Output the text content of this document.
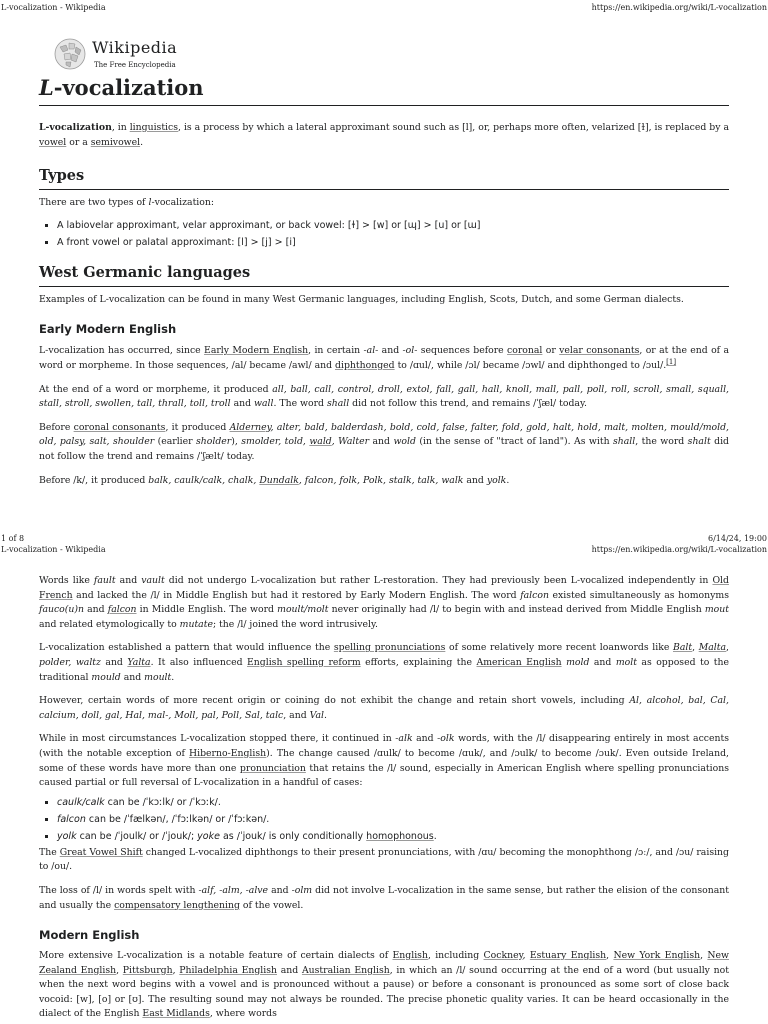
L-vocalization - Wikipedia	https://en.wikipedia.org/wiki/L-vocalization
Wikipedia
The Free Encyclopedia
L-vocalization

L-vocalization, in linguistics, is a process by which a lateral approximant sound such as [l], or, perhaps more often, velarized [ɫ], is replaced by a vowel or a semivowel.

Types

There are two types of l-vocalization:

▪ A labiovelar approximant, velar approximant, or back vowel: [ɫ] > [w] or [ɰ] > [u] or [ɯ]
▪ A front vowel or palatal approximant: [l] > [j] > [i]
West Germanic languages

Examples of L-vocalization can be found in many West Germanic languages, including English, Scots, Dutch, and some German dialects.

Early Modern English

L-vocalization has occurred, since Early Modern English, in certain -al- and -ol- sequences before coronal or velar consonants, or at the end of a word or morpheme. In those sequences, /al/ became /awl/ and diphthonged to /ɑul/, while /ɔl/ became /ɔwl/ and diphthonged to /ɔul/.[1]

At the end of a word or morpheme, it produced all, ball, call, control, droll, extol, fall, gall, hall, knoll, mall, pall, poll, roll, scroll, small, squall, stall, stroll, swollen, tall, thrall, toll, troll and wall. The word shall did not follow this trend, and remains /ˈʃæl/ today.

Before coronal consonants, it produced Alderney, alter, bald, balderdash, bold, cold, false, falter, fold, gold, halt, hold, malt, molten, mould/mold, old, palsy, salt, shoulder (earlier sholder), smolder, told, wald, Walter and wold (in the sense of "tract of land"). As with shall, the word shalt did not follow the trend and remains /ˈʃælt/ today.

Before /k/, it produced balk, caulk/calk, chalk, Dundalk, falcon, folk, Polk, stalk, talk, walk and yolk.

1 of 8	6/14/24, 19:00
L-vocalization - Wikipedia	https://en.wikipedia.org/wiki/L-vocalization

Words like fault and vault did not undergo L-vocalization but rather L-restoration. They had previously been L-vocalized independently in Old French and lacked the /l/ in Middle English but had it restored by Early Modern English. The word falcon existed simultaneously as homonyms fauco(u)n and falcon in Middle English. The word moult/molt never originally had /l/ to begin with and instead derived from Middle English mout and related etymologically to mutate; the /l/ joined the word intrusively.

L-vocalization established a pattern that would influence the spelling pronunciations of some relatively more recent loanwords like Balt, Malta, polder, waltz and Yalta. It also influenced English spelling reform efforts, explaining the American English mold and molt as opposed to the traditional mould and moult.

However, certain words of more recent origin or coining do not exhibit the change and retain short vowels, including Al, alcohol, bal, Cal, calcium, doll, gal, Hal, mal-, Moll, pal, Poll, Sal, talc, and Val.

While in most circumstances L-vocalization stopped there, it continued in -alk and -olk words, with the /l/ disappearing entirely in most accents (with the notable exception of Hiberno-English). The change caused /ɑulk/ to become /ɑuk/, and /ɔulk/ to become /ɔuk/. Even outside Ireland, some of these words have more than one pronunciation that retains the /l/ sound, especially in American English where spelling pronunciations caused partial or full reversal of L-vocalization in a handful of cases:

▪ caulk/calk can be /ˈkɔːlk/ or /ˈkɔːk/.
▪ falcon can be /ˈfælkən/, /ˈfɔːlkən/ or /ˈfɔːkən/.
▪ yolk can be /ˈjoulk/ or /ˈjouk/; yoke as /ˈjouk/ is only conditionally homophonous.

The Great Vowel Shift changed L-vocalized diphthongs to their present pronunciations, with /ɑu/ becoming the monophthong /ɔː/, and /ɔu/ raising to /ou/.

The loss of /l/ in words spelt with -alf, -alm, -alve and -olm did not involve L-vocalization in the same sense, but rather the elision of the consonant and usually the compensatory lengthening of the vowel.

Modern English

More extensive L-vocalization is a notable feature of certain dialects of English, including Cockney, Estuary English, New York English, New Zealand English, Pittsburgh, Philadelphia English and Australian English, in which an /l/ sound occurring at the end of a word (but usually not when the next word begins with a vowel and is pronounced without a pause) or before a consonant is pronounced as some sort of close back vocoid: [w], [o] or [ʊ]. The resulting sound may not always be rounded. The precise phonetic quality varies. It can be heard occasionally in the dialect of the English East Midlands, where words
